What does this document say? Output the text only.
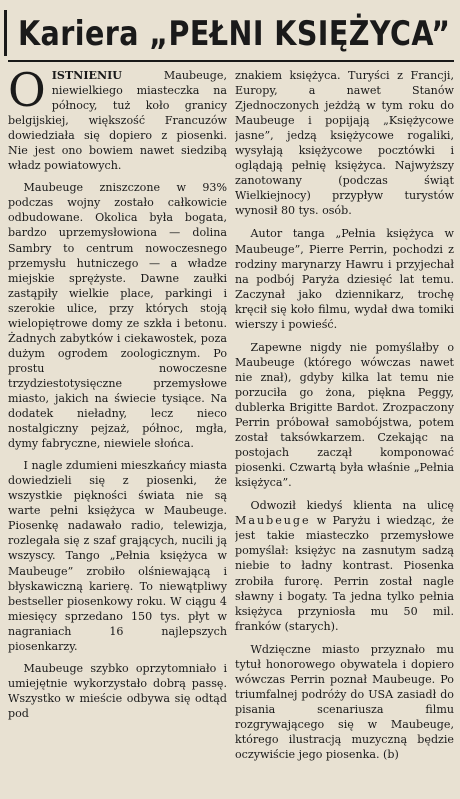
Kariera „PEŁNI KSIĘŻYCA”

OISTNIENIU Maubeuge, niewielkiego miasteczka na północy, tuż koło granicy belgijskiej, większość Francuzów dowiedziała się dopiero z piosenki. Nie jest ono bowiem nawet siedzibą władz powiatowych.

Maubeuge zniszczone w 93% podczas wojny zostało całkowicie odbudowane. Okolica była bogata, bardzo uprzemysłowiona — dolina Sambry to centrum nowoczesnego przemysłu hutniczego — a władze miejskie sprężyste. Dawne zaułki zastąpiły wielkie place, parkingi i szerokie ulice, przy których stoją wielopiętrowe domy ze szkła i betonu. Żadnych zabytków i ciekawostek, poza dużym ogrodem zoologicznym. Po prostu nowoczesne trzydziestotysięczne przemysłowe miasto, jakich na świecie tysiące. Na dodatek nieładny, lecz nieco nostalgiczny pejzaż, północ, mgła, dymy fabryczne, niewiele słońca.

I nagle zdumieni mieszkańcy miasta dowiedzieli się z piosenki, że wszystkie piękności świata nie są warte pełni księżyca w Maubeuge. Piosenkę nadawało radio, telewizja, rozlegała się z szaf grających, nucili ją wszyscy. Tango „Pełnia księżyca w Maubeuge” zrobiło olśniewającą i błyskawiczną karierę. To niewątpliwy bestseller piosenkowy roku. W ciągu 4 miesięcy sprzedano 150 tys. płyt w nagraniach 16 najlepszych piosenkarzy.

Maubeuge szybko oprzytomniało i umiejętnie wykorzystało dobrą passę. Wszystko w mieście odbywa się odtąd pod

znakiem księżyca. Turyści z Francji, Europy, a nawet Stanów Zjednoczonych jeżdżą w tym roku do Maubeuge i popijają „Księżycowe jasne”, jedzą księżycowe rogaliki, wysyłają księżycowe pocztówki i oglądają pełnię księżyca. Najwyższy zanotowany (podczas świąt Wielkiejnocy) przypływ turystów wynosił 80 tys. osób.

Autor tanga „Pełnia księżyca w Maubeuge”, Pierre Perrin, pochodzi z rodziny marynarzy Hawru i przyjechał na podbój Paryża dziesięć lat temu. Zaczynał jako dziennikarz, trochę kręcił się koło filmu, wydał dwa tomiki wierszy i powieść.

Zapewne nigdy nie pomyślałby o Maubeuge (którego wówczas nawet nie znał), gdyby kilka lat temu nie porzuciła go żona, piękna Peggy, dublerka Brigitte Bardot. Zrozpaczony Perrin próbował samobójstwa, potem został taksówkarzem. Czekając na postojach zaczął komponować piosenki. Czwartą była właśnie „Pełnia księżyca”.

Odwoził kiedyś klienta na ulicę Maubeuge w Paryżu i wiedząc, że jest takie miasteczko przemysłowe pomyślał: księżyc na zasnutym sadzą niebie to ładny kontrast. Piosenka zrobiła furorę. Perrin został nagle sławny i bogaty. Ta jedna tylko pełnia księżyca przyniosła mu 50 mil. franków (starych).

Wdzięczne miasto przyznało mu tytuł honorowego obywatela i dopiero wówczas Perrin poznał Maubeuge. Po triumfalnej podróży do USA zasiadł do pisania scenariusza filmu rozgrywającego się w Maubeuge, którego ilustracją muzyczną będzie oczywiście jego piosenka. (b)
